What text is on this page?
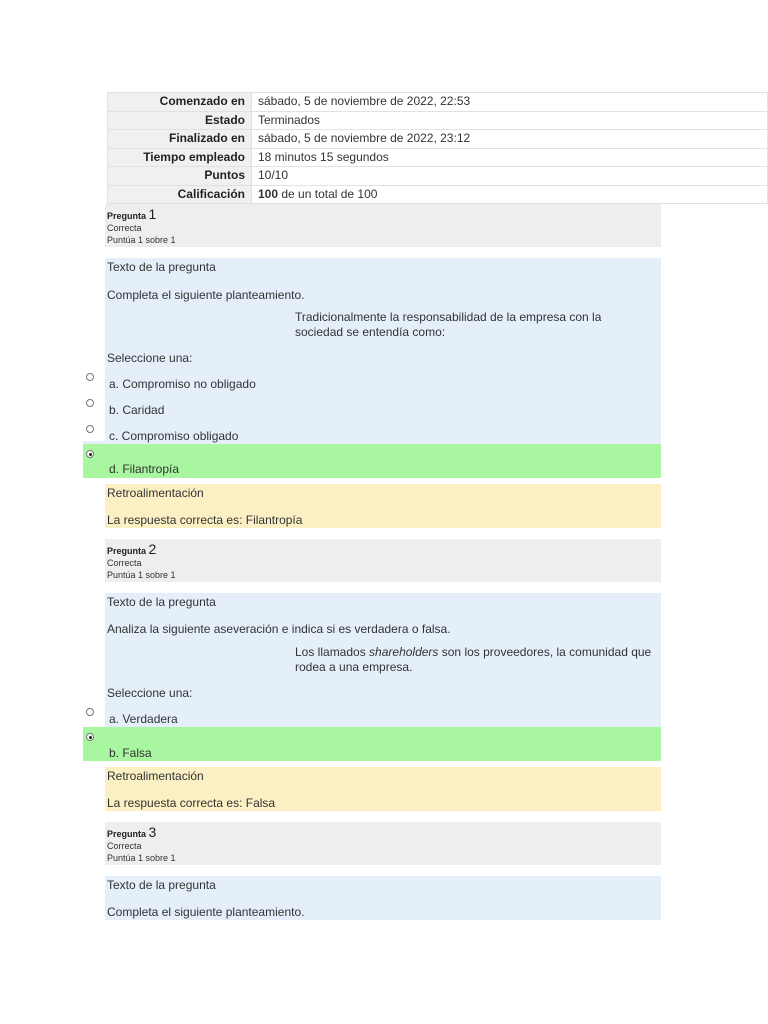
Comenzado en	sábado, 5 de noviembre de 2022, 22:53
Estado	Terminados
Finalizado en	sábado, 5 de noviembre de 2022, 23:12
Tiempo empleado	18 minutos 15 segundos
Puntos	10/10
Calificación	100 de un total de 100
Pregunta 1
Correcta
Puntúa 1 sobre 1
Texto de la pregunta
Completa el siguiente planteamiento.
Tradicionalmente la responsabilidad de la empresa con la sociedad se entendía como:
Seleccione una:
a. Compromiso no obligado
b. Caridad
c. Compromiso obligado
d. Filantropía
Retroalimentación
La respuesta correcta es: Filantropía
Pregunta 2
Correcta
Puntúa 1 sobre 1
Texto de la pregunta
Analiza la siguiente aseveración e indica si es verdadera o falsa.
Los llamados shareholders son los proveedores, la comunidad que rodea a una empresa.
Seleccione una:
a. Verdadera
b. Falsa
Retroalimentación
La respuesta correcta es: Falsa
Pregunta 3
Correcta
Puntúa 1 sobre 1
Texto de la pregunta
Completa el siguiente planteamiento.
